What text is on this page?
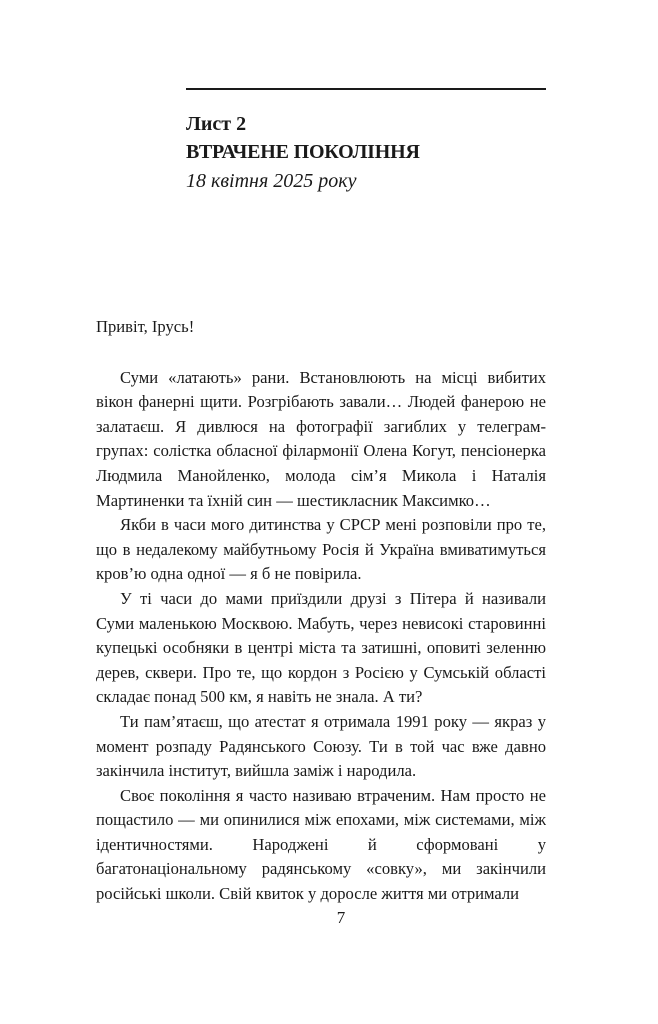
Лист 2

ВТРАЧЕНЕ ПОКОЛІННЯ

18 квітня 2025 року

Привіт, Ірусь!

Суми «латають» рани. Встановлюють на місці вибитих вікон фанерні щити. Розгрібають завали… Людей фанерою не залатаєш. Я дивлюся на фотографії загиблих у телеграм-групах: солістка обласної філармонії Олена Когут, пенсіонерка Людмила Манойленко, молода сім’я Микола і Наталія Мартиненки та їхній син — шестикласник Максимко…

Якби в часи мого дитинства у СРСР мені розповіли про те, що в недалекому майбутньому Росія й Україна вмиватимуться кров’ю одна одної — я б не повірила.

У ті часи до мами приїздили друзі з Пітера й називали Суми маленькою Москвою. Мабуть, через невисокі старовинні купецькі особняки в центрі міста та затишні, оповиті зеленню дерев, сквери. Про те, що кордон з Росією у Сумській області складає понад 500 км, я навіть не знала. А ти?

Ти пам’ятаєш, що атестат я отримала 1991 року — якраз у момент розпаду Радянського Союзу. Ти в той час вже давно закінчила інститут, вийшла заміж і народила.

Своє покоління я часто називаю втраченим. Нам просто не пощастило — ми опинилися між епохами, між системами, між ідентичностями. Народжені й сформовані у багатонаціональному радянському «совку», ми закінчили російські школи. Свій квиток у доросле життя ми отримали

7
